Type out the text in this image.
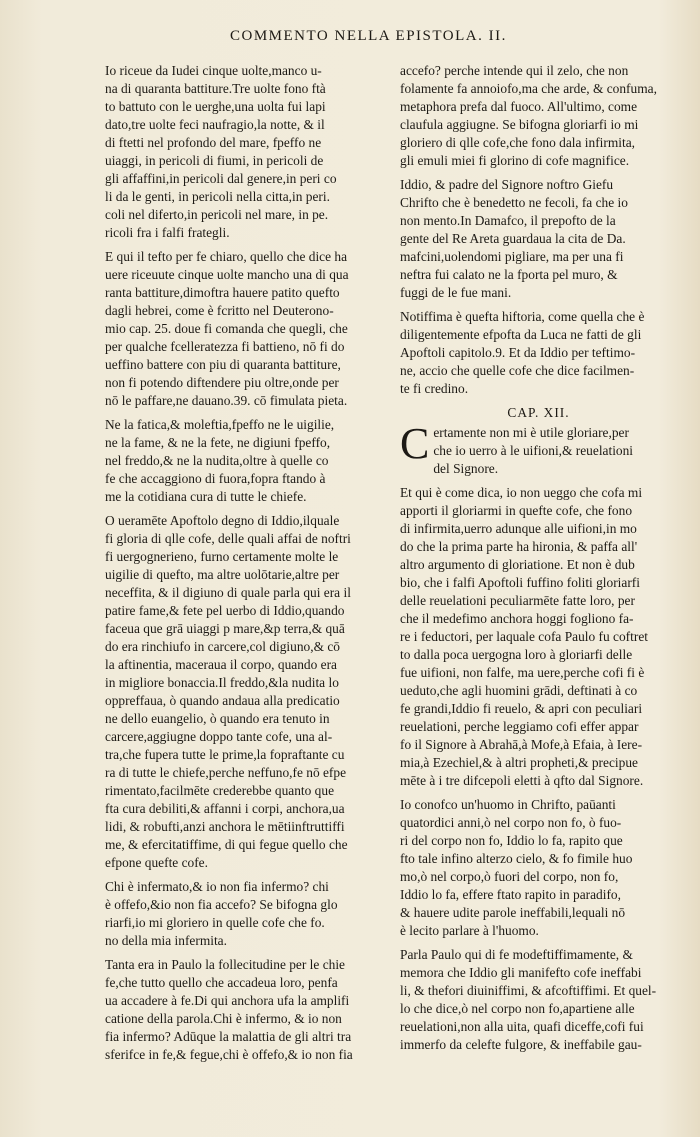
COMMENTO NELLA EPISTOLA. II.
Io riceue da Iudei cinque uolte,manco u-
na di quaranta battiture.Tre uolte fono ftà
to battuto con le uerghe,una uolta fui lapi
dato,tre uolte feci naufragio,la notte, & il
di ftetti nel profondo del mare, fpeffo ne
uiaggi, in pericoli di fiumi, in pericoli de
gli affaffini,in pericoli dal genere,in peri co
li da le genti, in pericoli nella citta,in peri.
coli nel diferto,in pericoli nel mare, in pe.
ricoli fra i falfi frategli.
E qui il tefto per fe chiaro, quello che dice ha
uere riceuute cinque uolte mancho una di qua
ranta battiture,dimoftra hauere patito quefto
dagli hebrei, come è fcritto nel Deuterono-
mio cap. 25. doue fi comanda che quegli, che
per qualche fcelleratezza fi battieno, nō fi do
ueffino battere con piu di quaranta battiture,
non fi potendo diftendere piu oltre,onde per
nō le paffare,ne dauano.39. cō fimulata pieta.
Ne la fatica,& moleftia,fpeffo ne le uigilie,
ne la fame, & ne la fete, ne digiuni fpeffo,
nel freddo,& ne la nudita,oltre à quelle co
fe che accaggiono di fuora,fopra ftando à
me la cotidiana cura di tutte le chiefe.
O ueramēte Apoftolo degno di Iddio,ilquale
fi gloria di qlle cofe, delle quali affai de noftri
fi uergognerieno, furno certamente molte le
uigilie di quefto, ma altre uolōtarie,altre per
neceffita, & il digiuno di quale parla qui era il
patire fame,& fete pel uerbo di Iddio,quando
faceua que grā uiaggi p mare,&p terra,& quā
do era rinchiufo in carcere,col digiuno,& cō
la aftinentia, maceraua il corpo, quando era
in migliore bonaccia.Il freddo,&la nudita lo
oppreffaua, ò quando andaua alla predicatio
ne dello euangelio, ò quando era tenuto in
carcere,aggiugne doppo tante cofe, una al-
tra,che fupera tutte le prime,la fopraftante cu
ra di tutte le chiefe,perche neffuno,fe nō efpe
rimentato,facilmēte crederebbe quanto que
fta cura debiliti,& affanni i corpi, anchora,ua
lidi, & robufti,anzi anchora le mētiinftruttiffi
me, & efercitatiffime, di qui fegue quello che
efpone quefte cofe.
Chi è infermato,& io non fia infermo? chi
è offefo,&io non fia accefo? Se bifogna glo
riarfi,io mi gloriero in quelle cofe che fo.
no della mia infermita.
Tanta era in Paulo la follecitudine per le chie
fe,che tutto quello che accadeua loro, penfa
ua accadere à fe.Di qui anchora ufa la amplifi
catione della parola.Chi è infermo, & io non
fia infermo? Adūque la malattia de gli altri tra
sferifce in fe,& fegue,chi è offefo,& io non fia
accefo? perche intende qui il zelo, che non
folamente fa annoiofo,ma che arde, & confuma,
metaphora prefa dal fuoco. All'ultimo, come
claufula aggiugne. Se bifogna gloriarfi io mi
gloriero di qlle cofe,che fono dala infirmita,
gli emuli miei fi glorino di cofe magnifice.
Iddio, & padre del Signore noftro Giefu
Chrifto che è benedetto ne fecoli, fa che io
non mento.In Damafco, il prepofto de la
gente del Re Areta guardaua la cita de Da.
mafcini,uolendomi pigliare, ma per una fi
neftra fui calato ne la fporta pel muro, &
fuggi de le fue mani.
Notiffima è quefta hiftoria, come quella che è
diligentemente efpofta da Luca ne fatti de gli
Apoftoli capitolo.9. Et da Iddio per teftimo-
ne, accio che quelle cofe che dice facilmen-
te fi credino.
CAP. XII.
C ertamente non mi è utile gloriare,per
che io uerro à le uifioni,& reuelationi
del Signore.
Et qui è come dica, io non ueggo che cofa mi
apporti il gloriarmi in quefte cofe, che fono
di infirmita,uerro adunque alle uifioni,in mo
do che la prima parte ha hironia, & paffa all'
altro argumento di gloriatione. Et non è dub
bio, che i falfi Apoftoli fuffino foliti gloriarfi
delle reuelationi peculiarmēte fatte loro, per
che il medefimo anchora hoggi fogliono fa-
re i feductori, per laquale cofa Paulo fu coftret
to dalla poca uergogna loro à gloriarfi delle
fue uifioni, non falfe, ma uere,perche cofi fi è
ueduto,che agli huomini grādi, deftinati à co
fe grandi,Iddio fi reuelo, & apri con peculiari
reuelationi, perche leggiamo cofi effer appar
fo il Signore à Abrahā,à Mofe,à Efaia, à Iere-
mia,à Ezechiel,& à altri propheti,& precipue
mēte à i tre difcepoli eletti à qfto dal Signore.
Io conofco un'huomo in Chrifto, paūanti
quatordici anni,ò nel corpo non fo, ò fuo-
ri del corpo non fo, Iddio lo fa, rapito que
fto tale infino alterzo cielo, & fo fimile huo
mo,ò nel corpo,ò fuori del corpo, non fo,
Iddio lo fa, effere ftato rapito in paradifo,
& hauere udite parole ineffabili,lequali nō
è lecito parlare à l'huomo.
Parla Paulo qui di fe modeftiffimamente, &
memora che Iddio gli manifefto cofe ineffabi
li, & thefori diuiniffimi, & afcoftiffimi. Et quel-
lo che dice,ò nel corpo non fo,apartiene alle
reuelationi,non alla uita, quafi diceffe,cofi fui
immerfo da celefte fulgore, & ineffabile gau-
